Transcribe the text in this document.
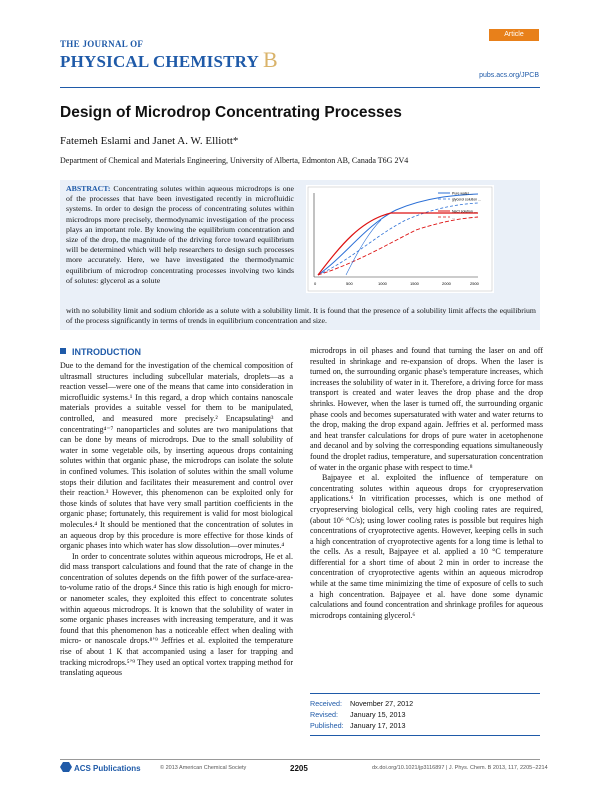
THE JOURNAL OF
PHYSICAL CHEMISTRY B
Article
pubs.acs.org/JPCB
Design of Microdrop Concentrating Processes
Fatemeh Eslami and Janet A. W. Elliott*
Department of Chemical and Materials Engineering, University of Alberta, Edmonton AB, Canada T6G 2V4
ABSTRACT: Concentrating solutes within aqueous microdrops is one of the processes that have been investigated recently in microfluidic systems. In order to design the process of concentrating solutes within microdrops more precisely, thermodynamic investigation of the process plays an important role. By knowing the equilibrium concentration and size of the drop, the magnitude of the driving force toward equilibrium will be determined which will help researchers to design such processes more accurately. Here, we have investigated the thermodynamic equilibrium of microdrop concentrating processes involving two kinds of solutes: glycerol as a solute
with no solubility limit and sodium chloride as a solute with a solubility limit. It is found that the presence of a solubility limit affects the equilibrium of the process significantly in terms of trends in equilibrium concentration and size.
0	500	1000	1500	2000	2500
Pure water ...
glycerol solution ...
NaCl solution ...
...
INTRODUCTION

Due to the demand for the investigation of the chemical composition of ultrasmall structures including subcellular materials, droplets—as a reaction vessel—were one of the means that came into consideration in microfluidic systems.¹ In this regard, a drop which contains nanoscale materials provides a suitable vessel for them to be manipulated, controlled, and measured more precisely.² Encapsulating³ and concentrating⁴⁻⁷ nanoparticles and solutes are two manipulations that can be done by means of microdrops. Due to the small solubility of water in some vegetable oils, by inserting aqueous drops containing solutes within that organic phase, the microdrops can isolate the solute in confined volumes. This isolation of solutes within the small volume stops their dilution and facilitates their measurement and control over their reaction.³ However, this phenomenon can be exploited only for those kinds of solutes that have very small partition coefficients in the organic phase; fortunately, this requirement is valid for most biological molecules.⁴ It should be mentioned that the concentration of solutes in an aqueous drop by this procedure is more effective for those kinds of organic phases into which water has slow dissolution—over minutes.⁴

In order to concentrate solutes within aqueous microdrops, He et al. did mass transport calculations and found that the rate of change in the concentration of solutes depends on the fifth power of the surface-area-to-volume ratio of the drops.⁴ Since this ratio is high enough for micro- or nanometer scales, they exploited this effect to concentrate solutes within aqueous microdrops. It is known that the solubility of water in some organic phases increases with increasing temperature, and it was found that this phenomenon has a noticeable effect when dealing with micro- or nanoscale drops.⁸ʼ⁹ Jeffries et al. exploited the temperature rise of about 1 K that accompanied using a laser for trapping and tracking microdrops.⁵ʼ⁹ They used an optical vortex trapping method for translating aqueous

microdrops in oil phases and found that turning the laser on and off resulted in shrinkage and re-expansion of drops. When the laser is turned on, the surrounding organic phase's temperature increases, which increases the solubility of water in it. Therefore, a driving force for mass transport is created and water leaves the drop phase and the drop shrinks. However, when the laser is turned off, the surrounding organic phase cools and becomes supersaturated with water and water returns to the drop, making the drop expand again. Jeffries et al. performed mass and heat transfer calculations for drops of pure water in acetophenone and decanol and by solving the corresponding equations simultaneously found the droplet radius, temperature, and supersaturation concentration of water in the organic phase with respect to time.⁸

Bajpayee et al. exploited the influence of temperature on concentrating solutes within aqueous drops for cryopreservation applications.⁶ In vitrification processes, which is one method of cryopreserving biological cells, very high cooling rates are required, (about 10⁶ °C/s); using lower cooling rates is possible but requires high concentrations of cryoprotective agents. However, keeping cells in such a high concentration of cryoprotective agents for a long time is lethal to the cells. As a result, Bajpayee et al. applied a 10 °C temperature differential for a short time of about 2 min in order to increase the concentration of cryoprotective agents within an aqueous microdrop while at the same time minimizing the time of exposure of cells to such a high concentration. Bajpayee et al. have done some dynamic calculations and found concentration and shrinkage profiles for aqueous microdrops containing glycerol.⁶

Received: November 27, 2012
Revised: January 15, 2013
Published: January 17, 2013
ACS Publications	© 2013 American Chemical Society	2205	dx.doi.org/10.1021/jp3116897 | J. Phys. Chem. B 2013, 117, 2205−2214
